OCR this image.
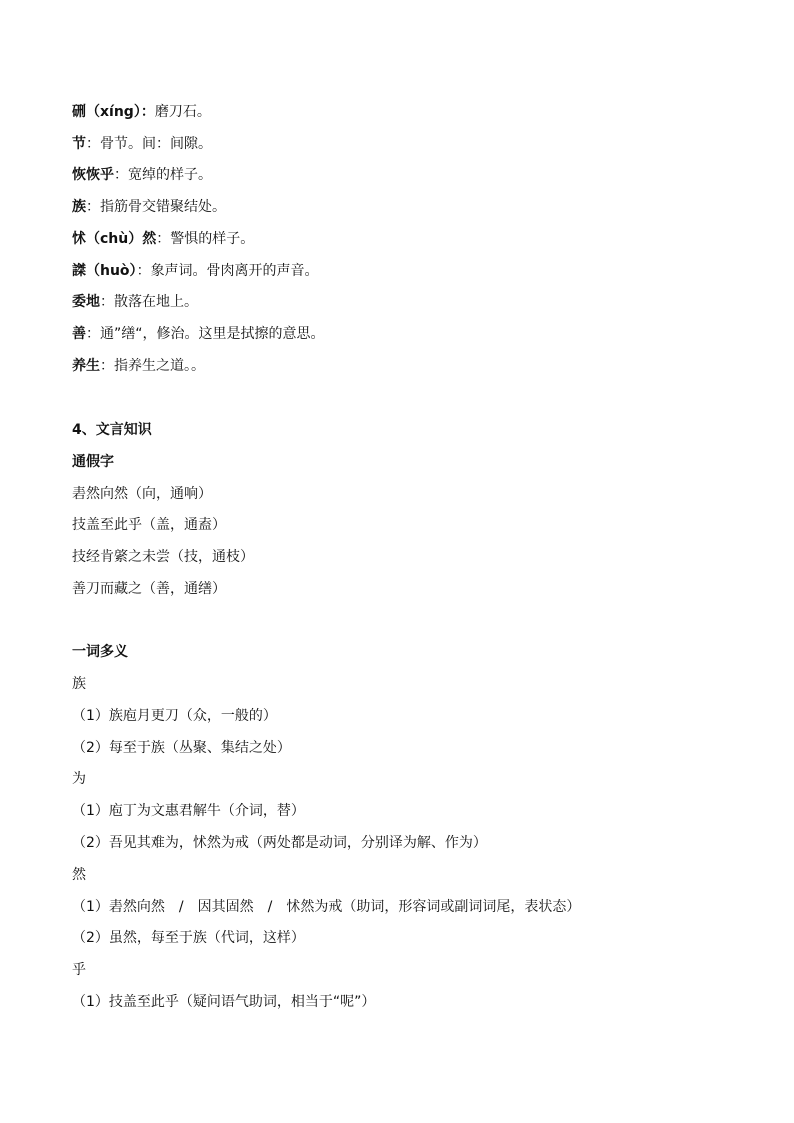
硎（xíng）：磨刀石。
节：骨节。间：间隙。
恢恢乎：宽绰的样子。
族：指筋骨交错聚结处。
怵（chù）然：警惧的样子。
謋（huò）：象声词。骨肉离开的声音。
委地：散落在地上。
善：通”缮“，修治。这里是拭擦的意思。
养生：指养生之道。。
4、文言知识
通假字
砉然向然（向，通响）
技盖至此乎（盖，通盍）
技经肯綮之未尝（技，通枝）
善刀而藏之（善，通缮）
一词多义
族
（1）族庖月更刀（众，一般的）
（2）每至于族（丛聚、集结之处）
为
（1）庖丁为文惠君解牛（介词，替）
（2）吾见其难为，怵然为戒（两处都是动词，分别译为解、作为）
然
（1）砉然向然　/　因其固然　/　怵然为戒（助词，形容词或副词词尾，表状态）
（2）虽然，每至于族（代词，这样）
乎
（1）技盖至此乎（疑问语气助词，相当于“呢”）
